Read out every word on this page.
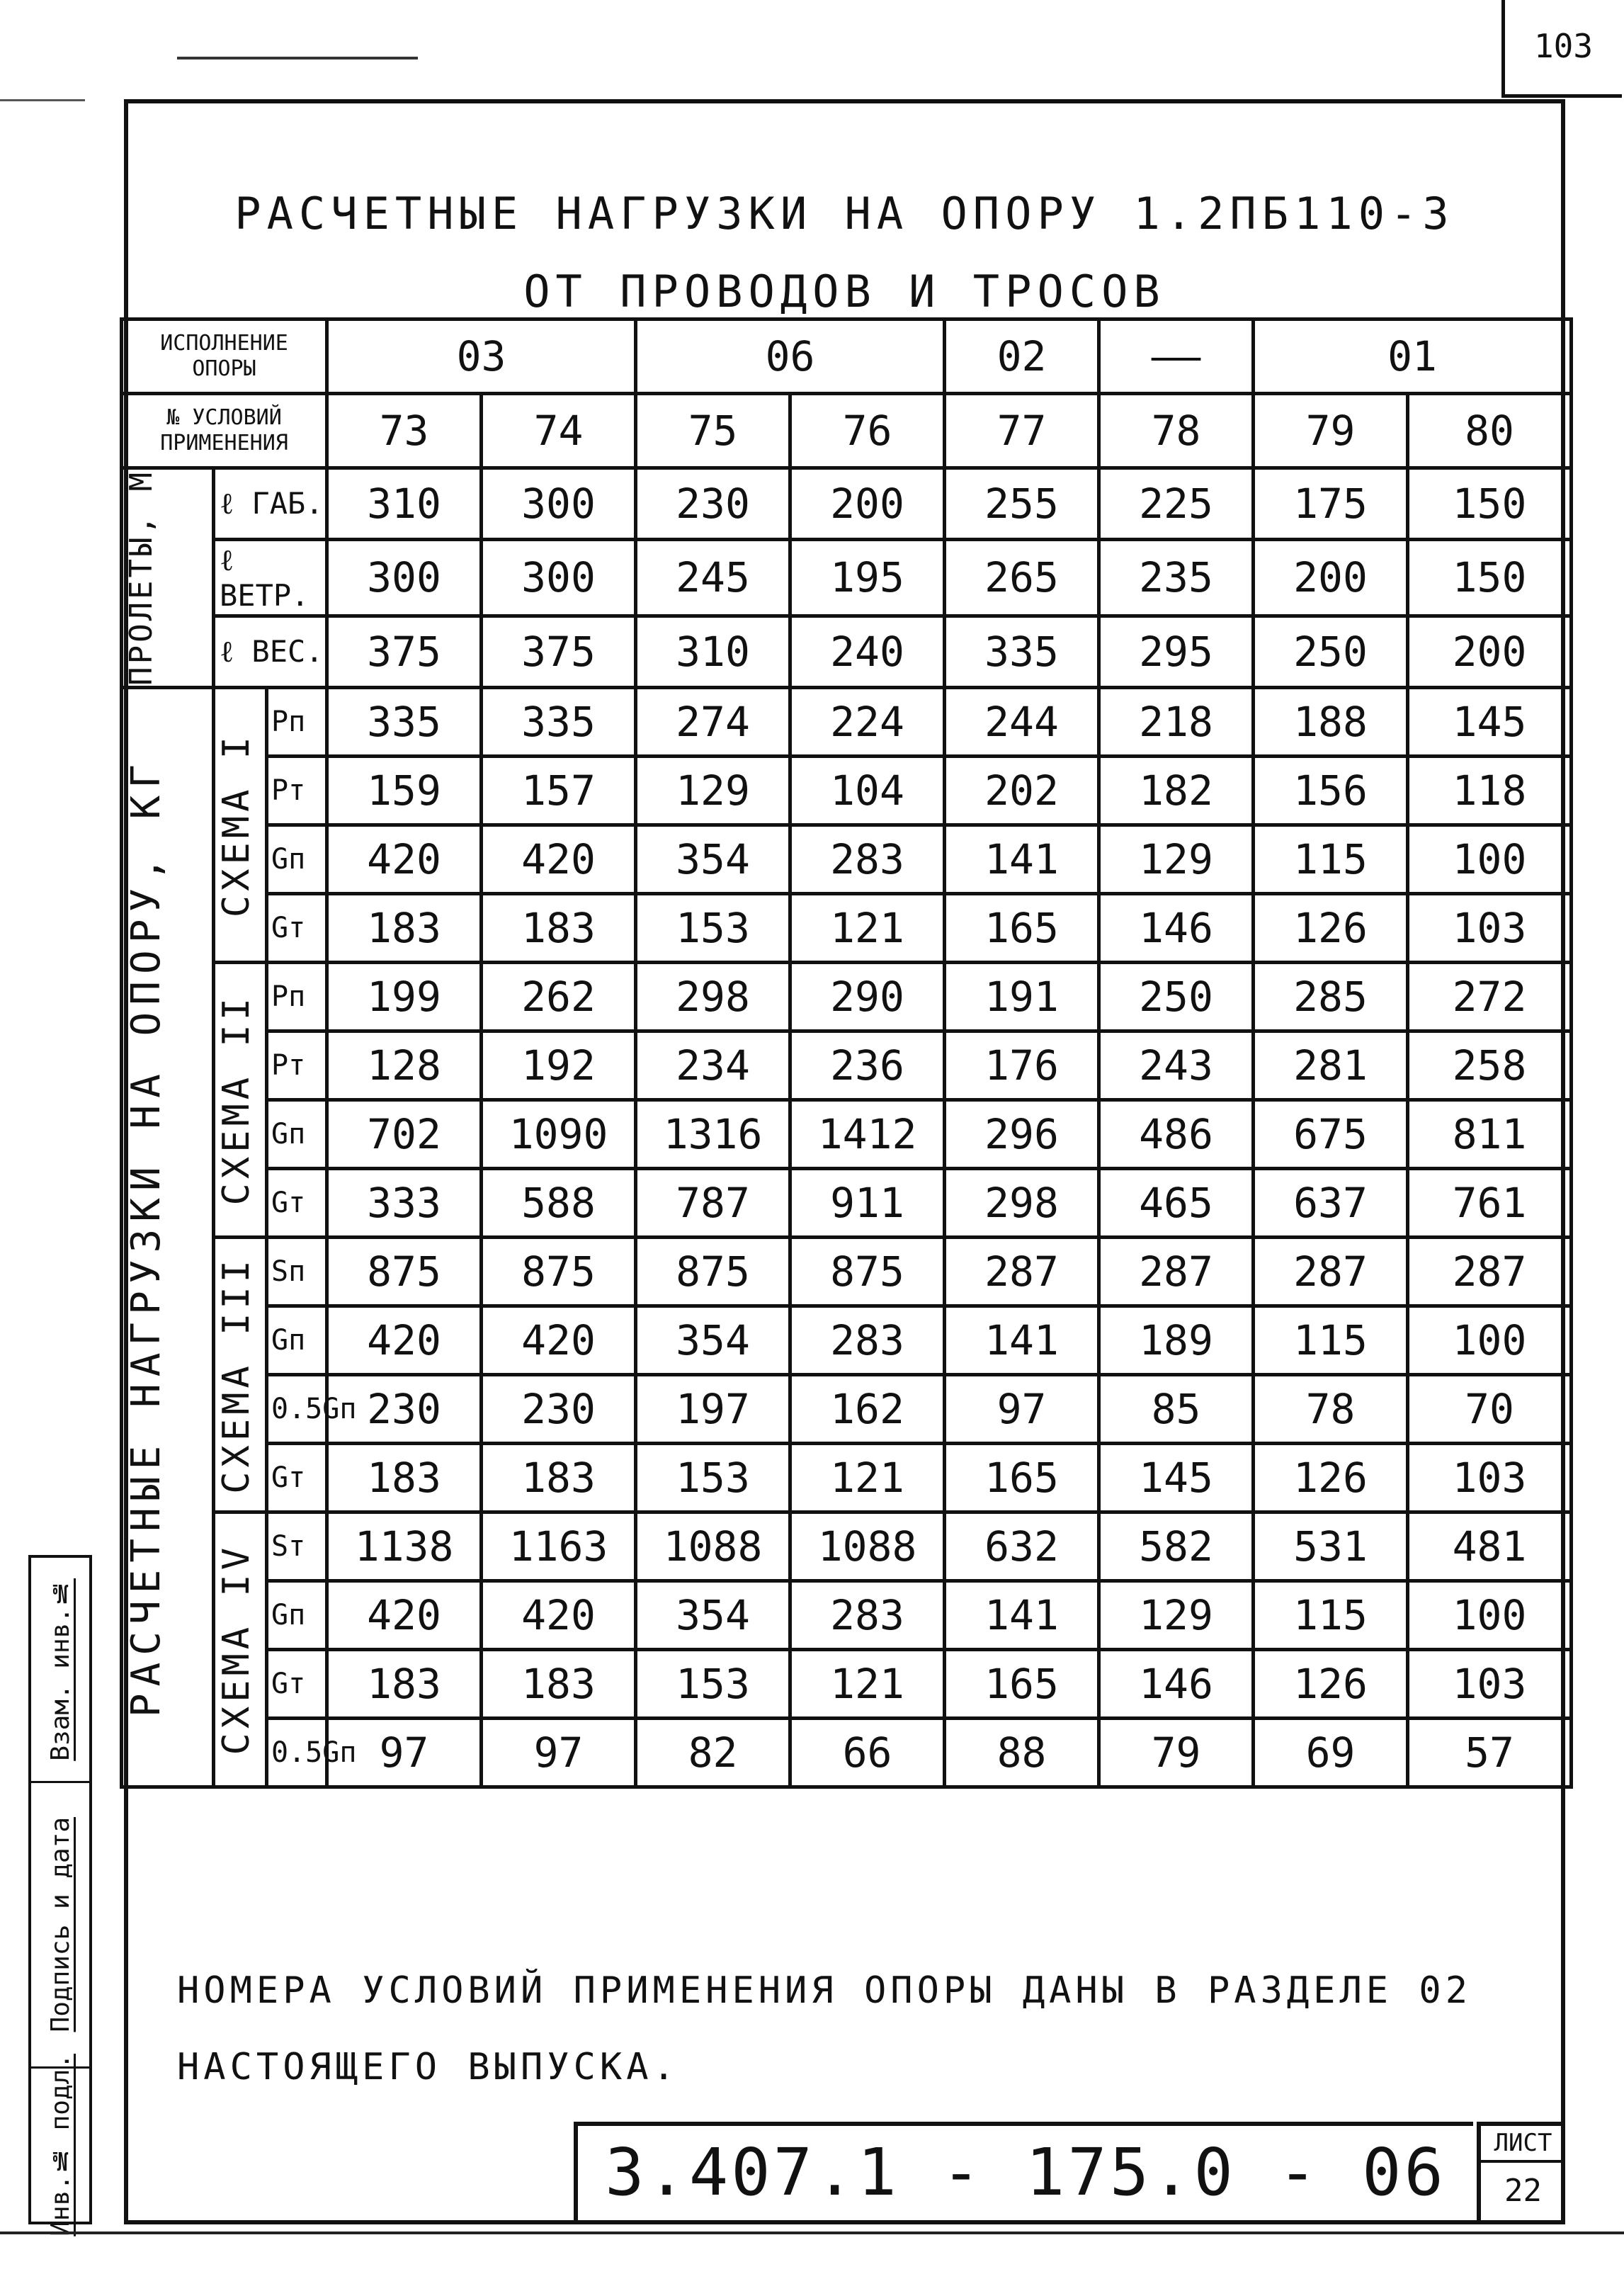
103
РАСЧЕТНЫЕ НАГРУЗКИ НА ОПОРУ 1.2ПБ110-3
ОТ ПРОВОДОВ И ТРОСОВ
ИСПОЛНЕНИЕ ОПОРЫ			03		06		02	——	01	
№ УСЛОВИЙ ПРИМЕНЕНИЯ			73	74	75	76	77	78	79	80

ПРОЛЕТЫ, М	ℓ ГАБ.		310	300	230	200	255	225	175	150
	ℓ ВЕТР.		300	300	245	195	265	235	200	150
	ℓ ВЕС.		375	375	310	240	335	295	250	200

РАСЧЕТНЫЕ НАГРУЗКИ НА ОПОРУ, КГ	СХЕМА I	Pп	335	335	274	224	244	218	188	145
		Pт	159	157	129	104	202	182	156	118
		Gп	420	420	354	283	141	129	115	100
		Gт	183	183	153	121	165	146	126	103

	СХЕМА II	Pп	199	262	298	290	191	250	285	272
		Pт	128	192	234	236	176	243	281	258
		Gп	702	1090	1316	1412	296	486	675	811
		Gт	333	588	787	911	298	465	637	761

	СХЕМА III	Sп	875	875	875	875	287	287	287	287
		Gп	420	420	354	283	141	189	115	100
		0.5Gп	230	230	197	162	97	85	78	70
		Gт	183	183	153	121	165	145	126	103

	СХЕМА IV	Sт	1138	1163	1088	1088	632	582	531	481
		Gп	420	420	354	283	141	129	115	100
		Gт	183	183	153	121	165	146	126	103
		0.5Gп	97	97	82	66	88	79	69	57
НОМЕРА УСЛОВИЙ ПРИМЕНЕНИЯ ОПОРЫ ДАНЫ В РАЗДЕЛЕ 02
НАСТОЯЩЕГО ВЫПУСКА.
3.407.1 - 175.0 - 06	ЛИСТ
22
Взам. инв.№
Подпись и дата
Инв.№ подл.
